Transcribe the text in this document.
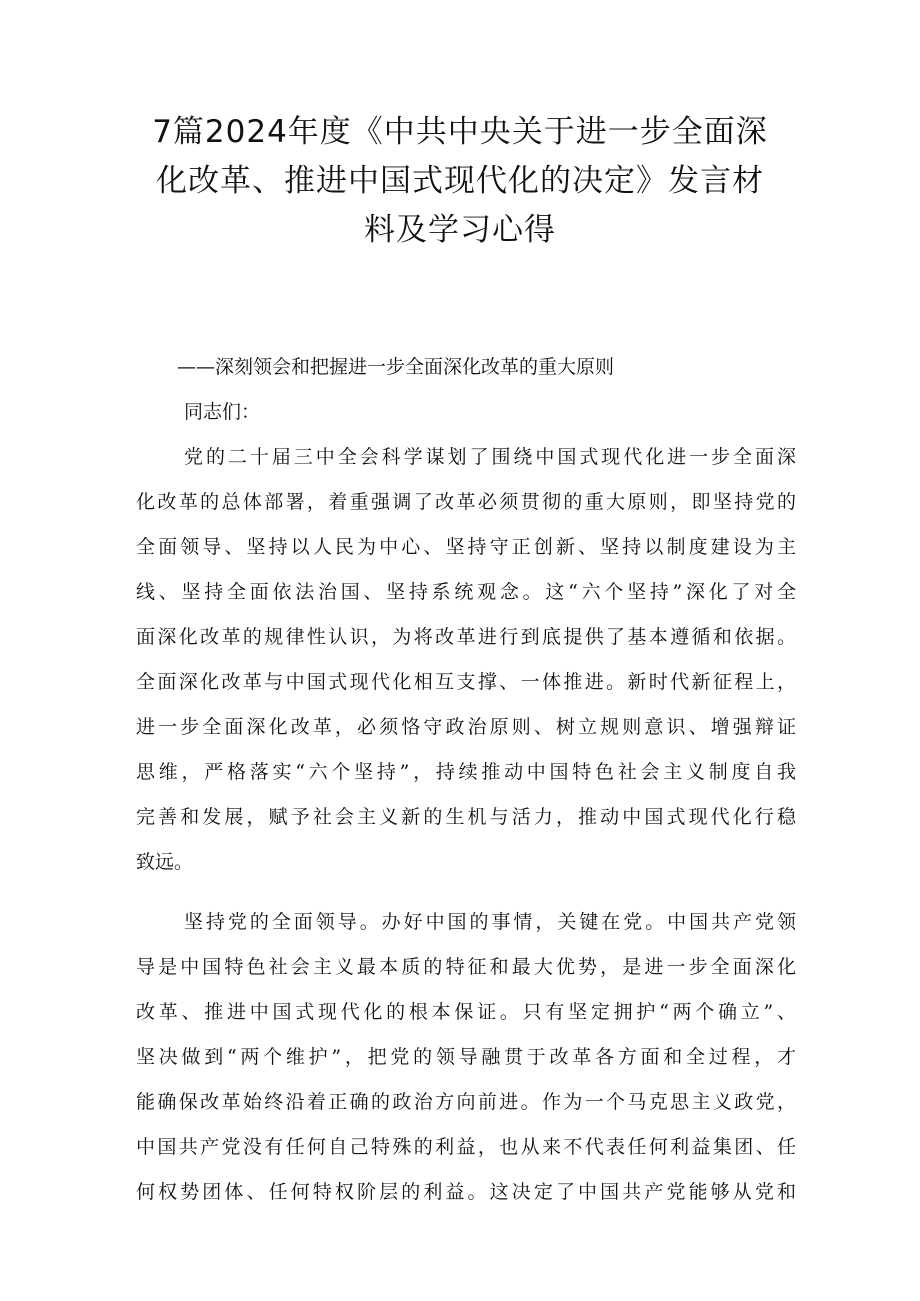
7篇2024年度《中共中央关于进一步全面深
化改革、推进中国式现代化的决定》发言材
料及学习心得
——深刻领会和把握进一步全面深化改革的重大原则
同志们：
党的二十届三中全会科学谋划了围绕中国式现代化进一步全面深
化改革的总体部署，着重强调了改革必须贯彻的重大原则，即坚持党的
全面领导、坚持以人民为中心、坚持守正创新、坚持以制度建设为主
线、坚持全面依法治国、坚持系统观念。这“六个坚持”深化了对全
面深化改革的规律性认识，为将改革进行到底提供了基本遵循和依据。
全面深化改革与中国式现代化相互支撑、一体推进。新时代新征程上，
进一步全面深化改革，必须恪守政治原则、树立规则意识、增强辩证
思维，严格落实“六个坚持”，持续推动中国特色社会主义制度自我
完善和发展，赋予社会主义新的生机与活力，推动中国式现代化行稳
致远。
坚持党的全面领导。办好中国的事情，关键在党。中国共产党领
导是中国特色社会主义最本质的特征和最大优势，是进一步全面深化
改革、推进中国式现代化的根本保证。只有坚定拥护“两个确立”、
坚决做到“两个维护”，把党的领导融贯于改革各方面和全过程，才
能确保改革始终沿着正确的政治方向前进。作为一个马克思主义政党，
中国共产党没有任何自己特殊的利益，也从来不代表任何利益集团、任
何权势团体、任何特权阶层的利益。这决定了中国共产党能够从党和
